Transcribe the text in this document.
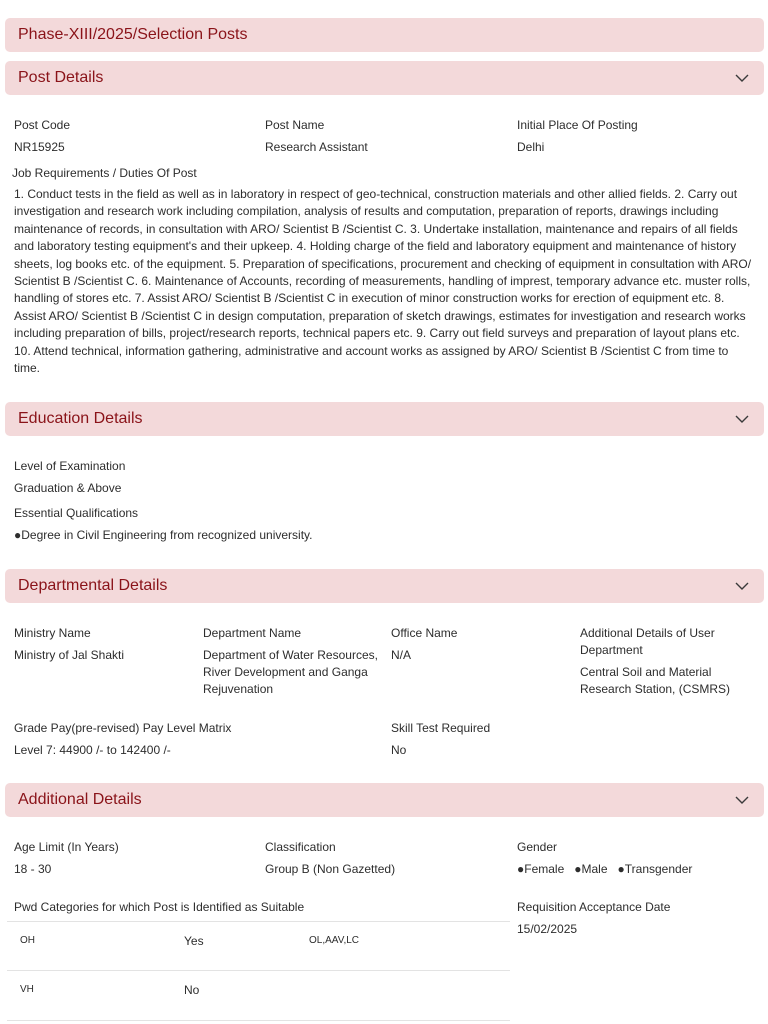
Phase-XIII/2025/Selection Posts
Post Details
Post Code
NR15925
Post Name
Research Assistant
Initial Place Of Posting
Delhi
Job Requirements / Duties Of Post

1. Conduct tests in the field as well as in laboratory in respect of geo-technical, construction materials and other allied fields. 2. Carry out investigation and research work including compilation, analysis of results and computation, preparation of reports, drawings including maintenance of records, in consultation with ARO/ Scientist B /Scientist C. 3. Undertake installation, maintenance and repairs of all fields and laboratory testing equipment's and their upkeep. 4. Holding charge of the field and laboratory equipment and maintenance of history sheets, log books etc. of the equipment. 5. Preparation of specifications, procurement and checking of equipment in consultation with ARO/ Scientist B /Scientist C. 6. Maintenance of Accounts, recording of measurements, handling of imprest, temporary advance etc. muster rolls, handling of stores etc. 7. Assist ARO/ Scientist B /Scientist C in execution of minor construction works for erection of equipment etc. 8. Assist ARO/ Scientist B /Scientist C in design computation, preparation of sketch drawings, estimates for investigation and research works including preparation of bills, project/research reports, technical papers etc. 9. Carry out field surveys and preparation of layout plans etc. 10. Attend technical, information gathering, administrative and account works as assigned by ARO/ Scientist B /Scientist C from time to time.

Education Details
Level of Examination
Graduation & Above
Essential Qualifications
●Degree in Civil Engineering from recognized university.
Departmental Details
Ministry Name
Ministry of Jal Shakti
Department Name
Department of Water Resources, River Development and Ganga Rejuvenation
Office Name
N/A
Additional Details of User Department
Central Soil and Material Research Station, (CSMRS)
Grade Pay(pre-revised) Pay Level Matrix
Level 7: 44900 /- to 142400 /-
Skill Test Required
No
Additional Details
Age Limit (In Years)
18 - 30
Classification
Group B (Non Gazetted)
Gender
●Female ●Male ●Transgender
Pwd Categories for which Post is Identified as Suitable	Requisition Acceptance Date
15/02/2025
OH	Yes	OL,AAV,LC
VH	No
